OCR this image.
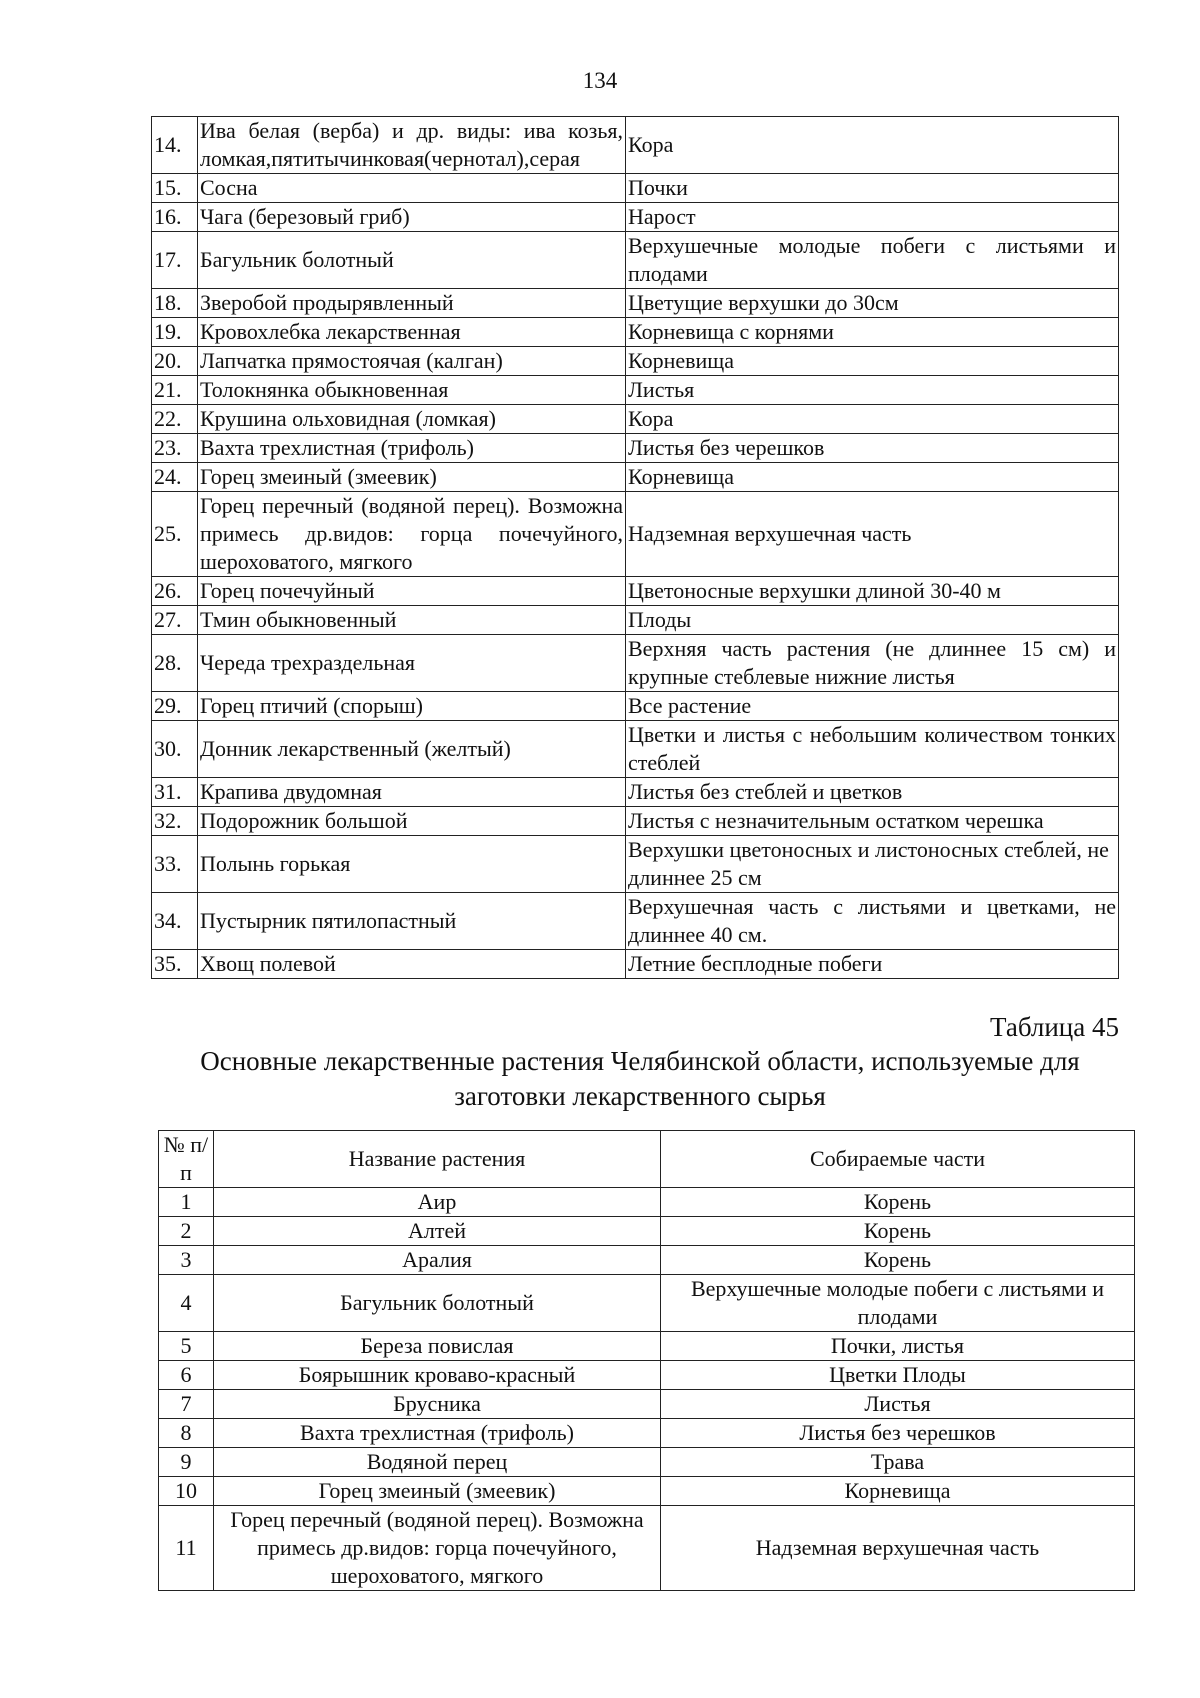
134
14.	Ива белая (верба) и др. виды: ива козья, ломкая,пятитычинковая(чернотал),серая	Кора
15.	Сосна	Почки
16.	Чага (березовый гриб)	Нарост
17.	Багульник болотный	Верхушечные молодые побеги с листьями и плодами
18.	Зверобой продырявленный	Цветущие верхушки до 30см
19.	Кровохлебка лекарственная	Корневища с корнями
20.	Лапчатка прямостоячая (калган)	Корневища
21.	Толокнянка обыкновенная	Листья
22.	Крушина ольховидная (ломкая)	Кора
23.	Вахта трехлистная (трифоль)	Листья без черешков
24.	Горец змеиный (змеевик)	Корневища
25.	Горец перечный (водяной перец). Возможна примесь др.видов: горца почечуйного, шероховатого, мягкого	Надземная верхушечная часть
26.	Горец почечуйный	Цветоносные верхушки длиной 30-40 м
27.	Тмин обыкновенный	Плоды
28.	Череда трехраздельная	Верхняя часть растения (не длиннее 15 см) и крупные стеблевые нижние листья
29.	Горец птичий (спорыш)	Все растение
30.	Донник лекарственный (желтый)	Цветки и листья с небольшим количеством тонких стеблей
31.	Крапива двудомная	Листья без стеблей и цветков
32.	Подорожник большой	Листья с незначительным остатком черешка
33.	Полынь горькая	Верхушки цветоносных и листоносных стеблей, не длиннее 25 см
34.	Пустырник пятилопастный	Верхушечная часть с листьями и цветками, не длиннее 40 см.
35.	Хвощ полевой	Летние бесплодные побеги
Таблица 45
Основные лекарственные растения Челябинской области, используемые для заготовки лекарственного сырья
№ п/п	Название растения	Собираемые части
1	Аир	Корень
2	Алтей	Корень
3	Аралия	Корень
4	Багульник болотный	Верхушечные молодые побеги с листьями и плодами
5	Береза повислая	Почки, листья
6	Боярышник кроваво-красный	Цветки Плоды
7	Брусника	Листья
8	Вахта трехлистная (трифоль)	Листья без черешков
9	Водяной перец	Трава
10	Горец змеиный (змеевик)	Корневища
11	Горец перечный (водяной перец). Возможна примесь др.видов: горца почечуйного, шероховатого, мягкого	Надземная верхушечная часть
